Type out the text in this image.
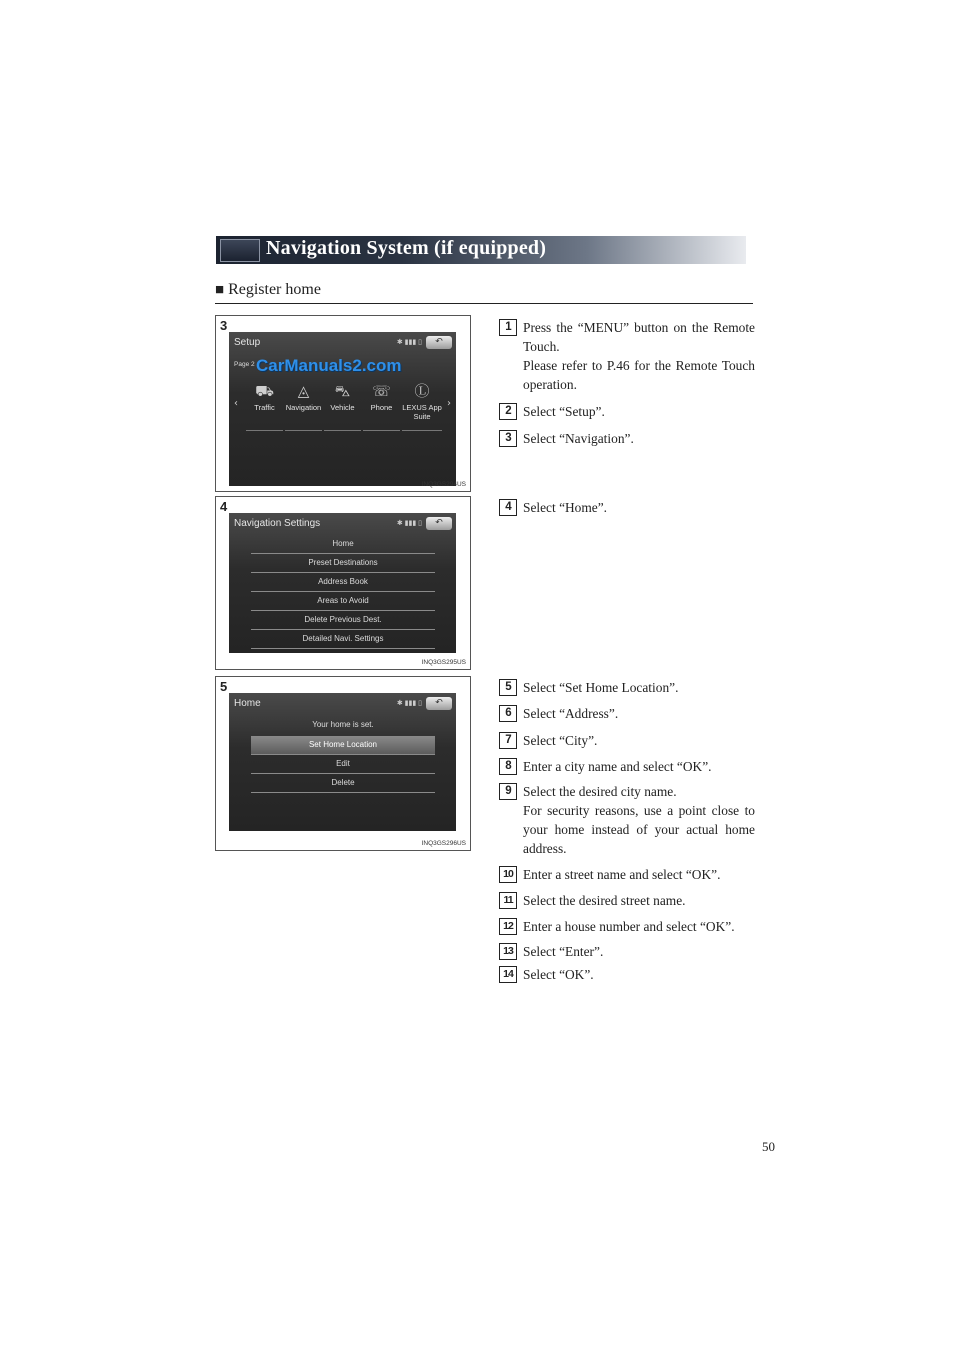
Navigation System (if equipped)
■ Register home
3
Setup
Page 2
✱ ▮▮▮ ▯	↶
CarManuals2.com
‹	›
⛟
Traffic
◬
Navigation
⛍
Vehicle
☏
Phone
Ⓛ
LEXUS App Suite
INQ3GS294US
4
Navigation Settings	✱ ▮▮▮ ▯	↶
Home
Preset Destinations
Address Book
Areas to Avoid
Delete Previous Dest.
Detailed Navi. Settings
INQ3GS295US
5
Home	✱ ▮▮▮ ▯	↶
Your home is set.
Set Home Location
Edit
Delete
INQ3GS296US
1 Press the “MENU” button on the Remote Touch.
Please refer to P.46 for the Remote Touch operation.
2 Select “Setup”.
3 Select “Navigation”.
4 Select “Home”.
5 Select “Set Home Location”.
6 Select “Address”.
7 Select “City”.
8 Enter a city name and select “OK”.
9 Select the desired city name.
For security reasons, use a point close to your home instead of your actual home address.
10 Enter a street name and select “OK”.
11 Select the desired street name.
12 Enter a house number and select “OK”.
13 Select “Enter”.
14 Select “OK”.
50
